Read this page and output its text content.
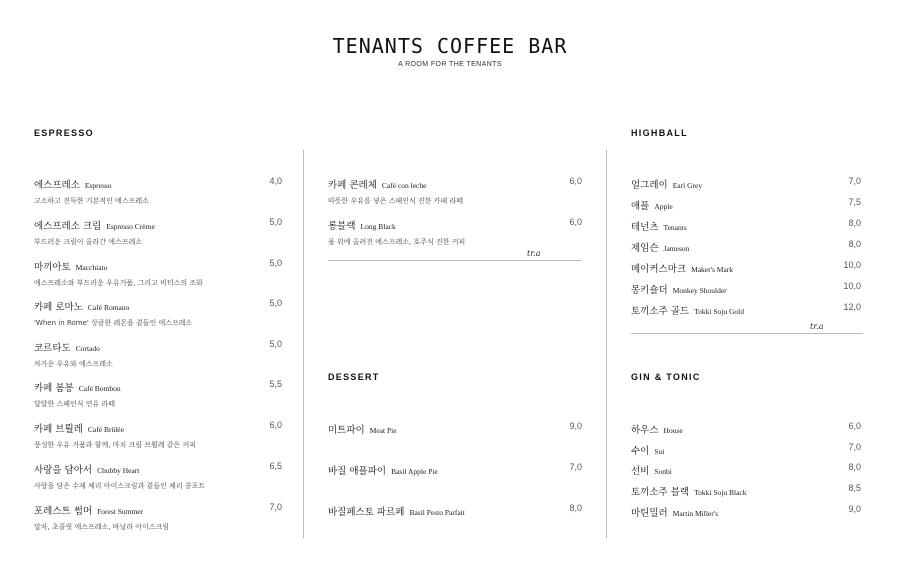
TENANTS COFFEE BAR
A ROOM FOR THE TENANTS
ESPRESSO
에스프레소 Espresso
고소하고 진득한 기본적인 에스프레소
4,0
에스프레소 크림 Espresso Crème
부드러운 크림이 올라간 에스프레소
5,0
마끼아토 Macchiato
에스프레소와 부드러운 우유거품, 그리고 비터스의 조화
5,0
카페 로마노 Café Romano
'When in Rome' 상큼한 레몬을 곁들인 에스프레소
5,0
코르타도 Cortado
차가운 우유와 에스프레소
5,0
카페 봄봉 Café Bombon
달달한 스페인식 연유 라떼
5,5
카페 브륄레 Café Brûlée
풍성한 우유 거품과 함께, 마치 크림 브륄레 같은 커피
6,0
사랑을 담아서 Chubby Heart
사랑을 담은 수제 체리 아이스크림과 곁들인 체리 콩포트
6,5
포레스트 썸머 Forest Summer
말차, 초콜릿 에스프레소, 바닐라 아이스크림
7,0
카페 콘레체 Café con leche
따뜻한 우유를 넣은 스페인식 진한 카페 라떼
6,0
롱블랙 Long Black
물 위에 올려진 에스프레소, 호주식 진한 커피
6,0
tr.a
DESSERT
미트파이 Meat Pie	9,0
바질 애플파이 Basil Apple Pie	7,0
바질페스토 파르페 Basil Pesto Parfait	8,0
HIGHBALL
얼그레이 Earl Grey	7,0
애플 Apple	7,5
테넌츠 Tenants	8,0
제임슨 Jameson	8,0
메이커스마크 Maker's Mark	10,0
몽키숄더 Monkey Shoulder	10,0
토끼소주 골드 Tokki Soju Gold	12,0
tr.a
GIN & TONIC
하우스 House	6,0
수이 Sui	7,0
선비 Sonbi	8,0
토끼소주 블랙 Tokki Soju Black	8,5
마틴밀러 Martin Miller's	9,0
